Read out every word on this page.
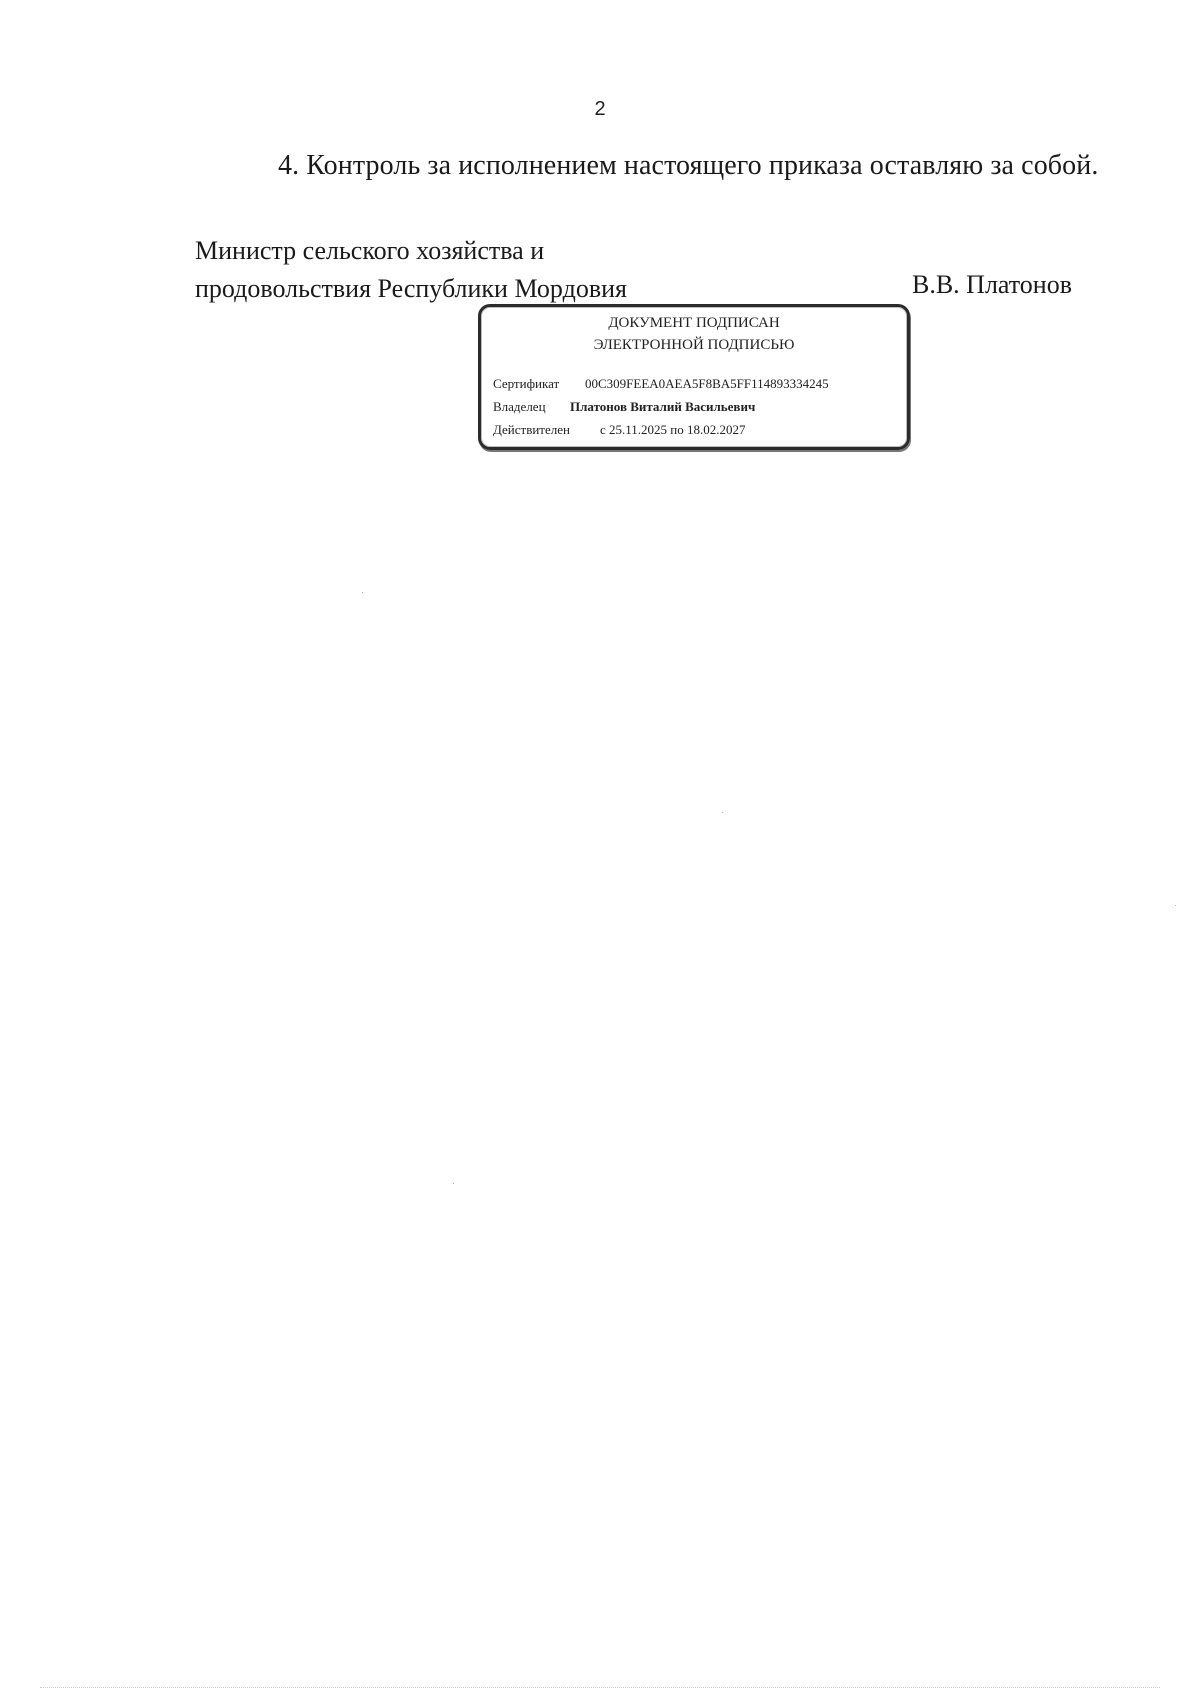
2
4. Контроль за исполнением настоящего приказа оставляю за собой.
Министр сельского хозяйства и
продовольствия Республики Мордовия	В.В. Платонов
ДОКУМЕНТ ПОДПИСАН
ЭЛЕКТРОННОЙ ПОДПИСЬЮ
Сертификат 00C309FEEA0AEA5F8BA5FF114893334245
Владелец Платонов Виталий Васильевич
Действителен с 25.11.2025 по 18.02.2027
